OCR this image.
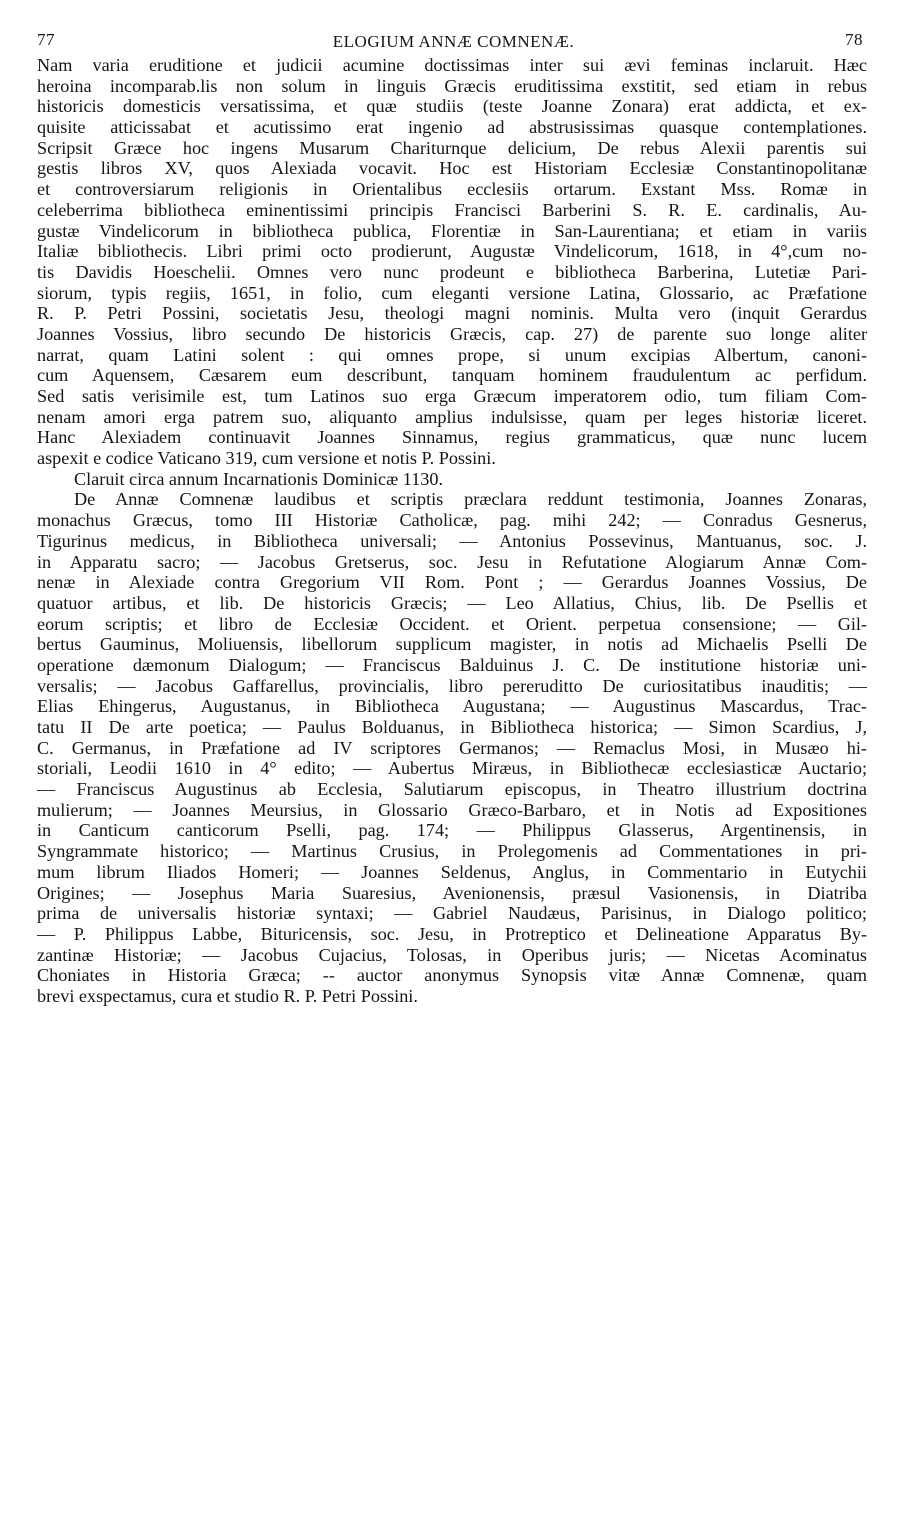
77	ELOGIUM ANNÆ COMNENÆ.	78
Nam varia eruditione et judicii acumine doctissimas inter sui ævi feminas inclaruit. Hæc
heroina incomparab.lis non solum in linguis Græcis eruditissima exstitit, sed etiam in rebus
historicis domesticis versatissima, et quæ studiis (teste Joanne Zonara) erat addicta, et ex-
quisite atticissabat et acutissimo erat ingenio ad abstrusissimas quasque contemplationes.
Scripsit Græce hoc ingens Musarum Chariturnque delicium, De rebus Alexii parentis sui
gestis libros XV, quos Alexiada vocavit. Hoc est Historiam Ecclesiæ Constantinopolitanæ
et controversiarum religionis in Orientalibus ecclesiis ortarum. Exstant Mss. Romæ in
celeberrima bibliotheca eminentissimi principis Francisci Barberini S. R. E. cardinalis, Au-
gustæ Vindelicorum in bibliotheca publica, Florentiæ in San-Laurentiana; et etiam in variis
Italiæ bibliothecis. Libri primi octo prodierunt, Augustæ Vindelicorum, 1618, in 4°,cum no-
tis Davidis Hoeschelii. Omnes vero nunc prodeunt e bibliotheca Barberina, Lutetiæ Pari-
siorum, typis regiis, 1651, in folio, cum eleganti versione Latina, Glossario, ac Præfatione
R. P. Petri Possini, societatis Jesu, theologi magni nominis. Multa vero (inquit Gerardus
Joannes Vossius, libro secundo De historicis Græcis, cap. 27) de parente suo longe aliter
narrat, quam Latini solent : qui omnes prope, si unum excipias Albertum, canoni-
cum Aquensem, Cæsarem eum describunt, tanquam hominem fraudulentum ac perfidum.
Sed satis verisimile est, tum Latinos suo erga Græcum imperatorem odio, tum filiam Com-
nenam amori erga patrem suo, aliquanto amplius indulsisse, quam per leges historiæ liceret.
Hanc Alexiadem continuavit Joannes Sinnamus, regius grammaticus, quæ nunc lucem
aspexit e codice Vaticano 319, cum versione et notis P. Possini.
Claruit circa annum Incarnationis Dominicæ 1130.
De Annæ Comnenæ laudibus et scriptis præclara reddunt testimonia, Joannes Zonaras,
monachus Græcus, tomo III Historiæ Catholicæ, pag. mihi 242; — Conradus Gesnerus,
Tigurinus medicus, in Bibliotheca universali; — Antonius Possevinus, Mantuanus, soc. J.
in Apparatu sacro; — Jacobus Gretserus, soc. Jesu in Refutatione Alogiarum Annæ Com-
nenæ in Alexiade contra Gregorium VII Rom. Pont ; — Gerardus Joannes Vossius, De
quatuor artibus, et lib. De historicis Græcis; — Leo Allatius, Chius, lib. De Psellis et
eorum scriptis; et libro de Ecclesiæ Occident. et Orient. perpetua consensione; — Gil-
bertus Gauminus, Moliuensis, libellorum supplicum magister, in notis ad Michaelis Pselli De
operatione dæmonum Dialogum; — Franciscus Balduinus J. C. De institutione historiæ uni-
versalis; — Jacobus Gaffarellus, provincialis, libro pereruditto De curiositatibus inauditis; —
Elias Ehingerus, Augustanus, in Bibliotheca Augustana; — Augustinus Mascardus, Trac-
tatu II De arte poetica; — Paulus Bolduanus, in Bibliotheca historica; — Simon Scardius, J,
C. Germanus, in Præfatione ad IV scriptores Germanos; — Remaclus Mosi, in Musæo hi-
storiali, Leodii 1610 in 4° edito; — Aubertus Miræus, in Bibliothecæ ecclesiasticæ Auctario;
— Franciscus Augustinus ab Ecclesia, Salutiarum episcopus, in Theatro illustrium doctrina
mulierum; — Joannes Meursius, in Glossario Græco-Barbaro, et in Notis ad Expositiones
in Canticum canticorum Pselli, pag. 174; — Philippus Glasserus, Argentinensis, in
Syngrammate historico; — Martinus Crusius, in Prolegomenis ad Commentationes in pri-
mum librum Iliados Homeri; — Joannes Seldenus, Anglus, in Commentario in Eutychii
Origines; — Josephus Maria Suaresius, Avenionensis, præsul Vasionensis, in Diatriba
prima de universalis historiæ syntaxi; — Gabriel Naudæus, Parisinus, in Dialogo politico;
— P. Philippus Labbe, Bituricensis, soc. Jesu, in Protreptico et Delineatione Apparatus By-
zantinæ Historiæ; — Jacobus Cujacius, Tolosas, in Operibus juris; — Nicetas Acominatus
Choniates in Historia Græca; -- auctor anonymus Synopsis vitæ Annæ Comnenæ, quam
brevi exspectamus, cura et studio R. P. Petri Possini.
